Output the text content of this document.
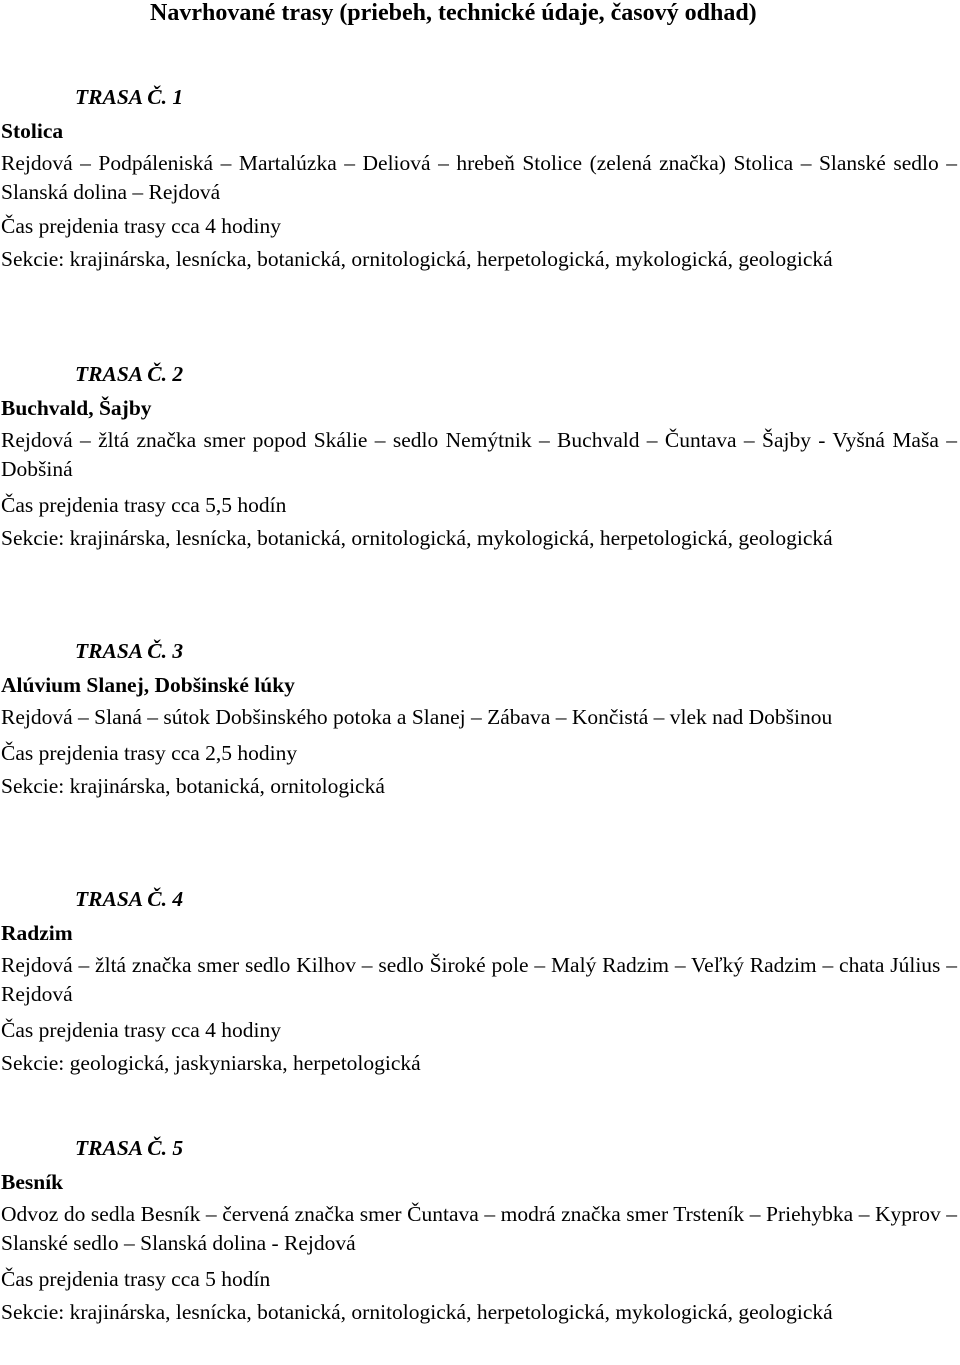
Navrhované trasy (priebeh, technické údaje, časový odhad)
TRASA Č. 1
Stolica
Rejdová – Podpáleniská – Martalúzka – Deliová – hrebeň Stolice (zelená značka) Stolica – Slanské sedlo – Slanská dolina – Rejdová
Čas prejdenia trasy cca 4 hodiny
Sekcie: krajinárska, lesnícka, botanická, ornitologická, herpetologická, mykologická, geologická
TRASA Č. 2
Buchvald, Šajby
Rejdová – žltá značka smer popod Skálie – sedlo Nemýtnik – Buchvald – Čuntava – Šajby - Vyšná Maša – Dobšiná
Čas prejdenia trasy cca 5,5 hodín
Sekcie: krajinárska, lesnícka, botanická, ornitologická, mykologická, herpetologická, geologická
TRASA Č. 3
Alúvium Slanej, Dobšinské lúky
Rejdová – Slaná – sútok Dobšinského potoka a Slanej – Zábava – Končistá – vlek nad Dobšinou
Čas prejdenia trasy cca 2,5 hodiny
Sekcie: krajinárska, botanická, ornitologická
TRASA Č. 4
Radzim
Rejdová – žltá značka smer sedlo Kilhov – sedlo Široké pole – Malý Radzim – Veľký Radzim – chata Július – Rejdová
Čas prejdenia trasy cca 4 hodiny
Sekcie: geologická, jaskyniarska, herpetologická
TRASA Č. 5
Besník
Odvoz do sedla Besník – červená značka smer Čuntava – modrá značka smer Trsteník – Priehybka – Kyprov – Slanské sedlo – Slanská dolina - Rejdová
Čas prejdenia trasy cca 5 hodín
Sekcie: krajinárska, lesnícka, botanická, ornitologická, herpetologická, mykologická, geologická
